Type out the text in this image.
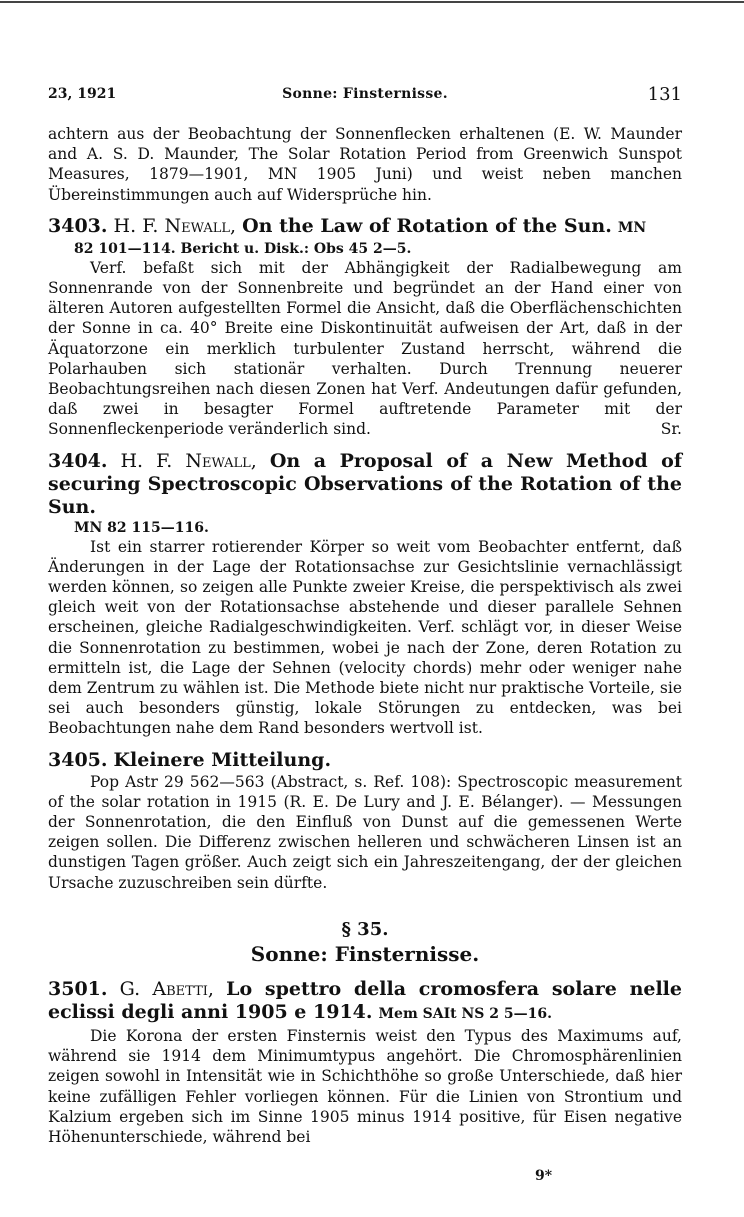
23, 1921	Sonne: Finsternisse.	131

achtern aus der Beobachtung der Sonnenflecken erhaltenen (E. W. Maunder and A. S. D. Maunder, The Solar Rotation Period from Greenwich Sunspot Measures, 1879—1901, MN 1905 Juni) und weist neben manchen Übereinstimmungen auch auf Widersprüche hin.

3403. H. F. Newall, On the Law of Rotation of the Sun. MN

82 101—114. Bericht u. Disk.: Obs 45 2—5.

Verf. befaßt sich mit der Abhängigkeit der Radialbewegung am Sonnenrande von der Sonnenbreite und begründet an der Hand einer von älteren Autoren aufgestellten Formel die Ansicht, daß die Oberflächenschichten der Sonne in ca. 40° Breite eine Diskontinuität aufweisen der Art, daß in der Äquatorzone ein merklich turbulenter Zustand herrscht, während die Polarhauben sich stationär verhalten. Durch Trennung neuerer Beobachtungsreihen nach diesen Zonen hat Verf. Andeutungen dafür gefunden, daß zwei in besagter Formel auftretende Parameter mit der Sonnenfleckenperiode veränderlich sind.	Sr.

3404. H. F. Newall, On a Proposal of a New Method of securing Spectroscopic Observations of the Rotation of the Sun.

MN 82 115—116.

Ist ein starrer rotierender Körper so weit vom Beobachter entfernt, daß Änderungen in der Lage der Rotationsachse zur Gesichtslinie vernachlässigt werden können, so zeigen alle Punkte zweier Kreise, die perspektivisch als zwei gleich weit von der Rotationsachse abstehende und dieser parallele Sehnen erscheinen, gleiche Radialgeschwindigkeiten. Verf. schlägt vor, in dieser Weise die Sonnenrotation zu bestimmen, wobei je nach der Zone, deren Rotation zu ermitteln ist, die Lage der Sehnen (velocity chords) mehr oder weniger nahe dem Zentrum zu wählen ist. Die Methode biete nicht nur praktische Vorteile, sie sei auch besonders günstig, lokale Störungen zu entdecken, was bei Beobachtungen nahe dem Rand besonders wertvoll ist.

3405. Kleinere Mitteilung.

Pop Astr 29 562—563 (Abstract, s. Ref. 108): Spectroscopic measurement of the solar rotation in 1915 (R. E. De Lury and J. E. Bélanger). — Messungen der Sonnenrotation, die den Einfluß von Dunst auf die gemessenen Werte zeigen sollen. Die Differenz zwischen helleren und schwächeren Linsen ist an dunstigen Tagen größer. Auch zeigt sich ein Jahreszeitengang, der der gleichen Ursache zuzuschreiben sein dürfte.

§ 35.
Sonne: Finsternisse.

3501. G. Abetti, Lo spettro della cromosfera solare nelle eclissi degli anni 1905 e 1914. Mem SAIt NS 2 5—16.

Die Korona der ersten Finsternis weist den Typus des Maximums auf, während sie 1914 dem Minimumtypus angehört. Die Chromosphärenlinien zeigen sowohl in Intensität wie in Schichthöhe so große Unterschiede, daß hier keine zufälligen Fehler vorliegen können. Für die Linien von Strontium und Kalzium ergeben sich im Sinne 1905 minus 1914 positive, für Eisen negative Höhenunterschiede, während bei

9*
